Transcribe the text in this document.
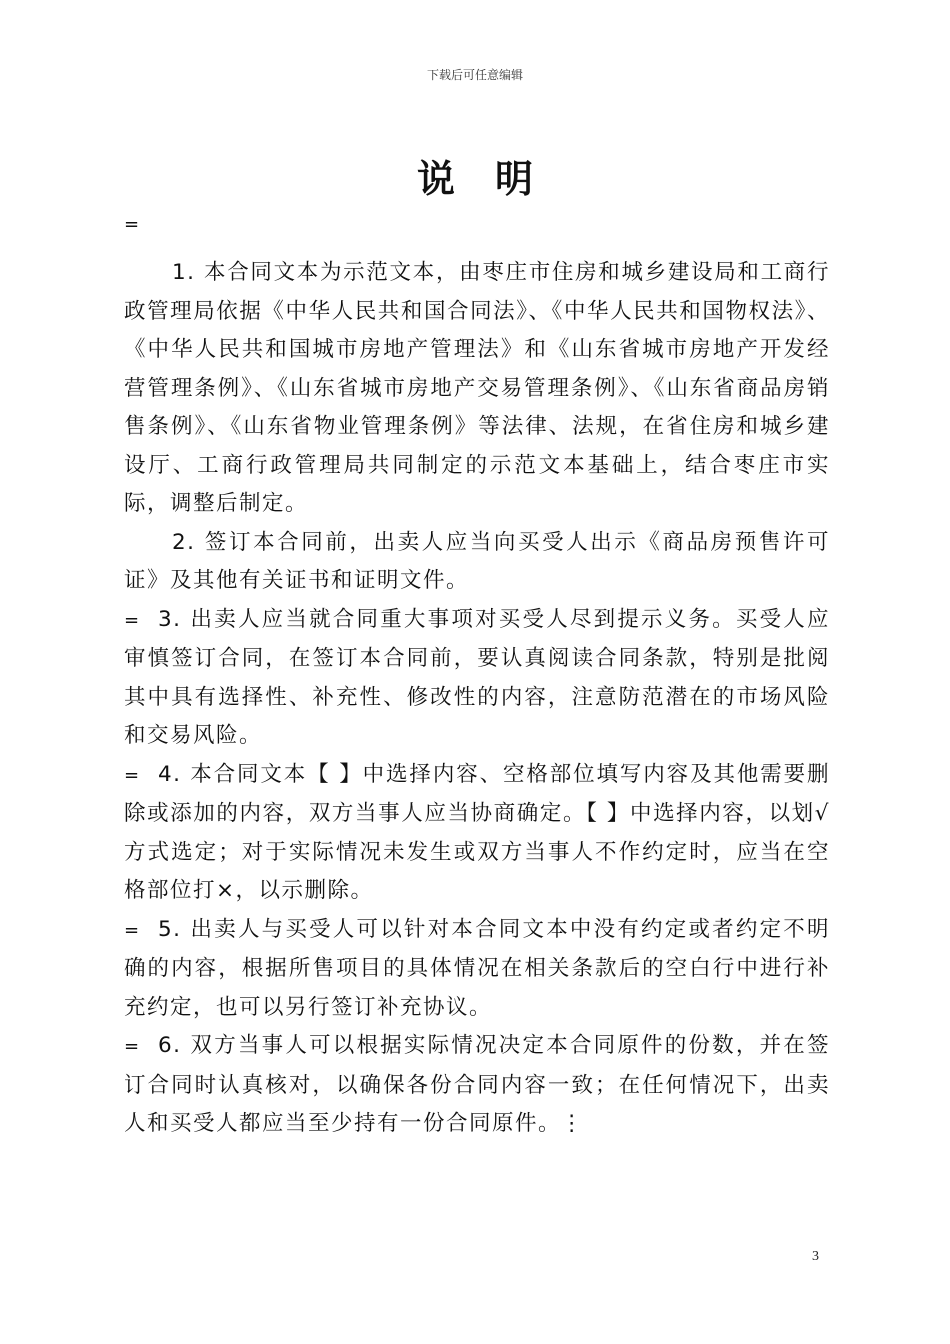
下载后可任意编辑
说明
=

1. 本合同文本为示范文本，由枣庄市住房和城乡建设局和工商行政管理局依据《中华人民共和国合同法》、《中华人民共和国物权法》、《中华人民共和国城市房地产管理法》和《山东省城市房地产开发经营管理条例》、《山东省城市房地产交易管理条例》、《山东省商品房销售条例》、《山东省物业管理条例》等法律、法规，在省住房和城乡建设厅、工商行政管理局共同制定的示范文本基础上，结合枣庄市实际，调整后制定。

2. 签订本合同前，出卖人应当向买受人出示《商品房预售许可证》及其他有关证书和证明文件。

= 3. 出卖人应当就合同重大事项对买受人尽到提示义务。买受人应审慎签订合同，在签订本合同前，要认真阅读合同条款，特别是批阅其中具有选择性、补充性、修改性的内容，注意防范潜在的市场风险和交易风险。

= 4. 本合同文本【 】中选择内容、空格部位填写内容及其他需要删除或添加的内容，双方当事人应当协商确定。【 】中选择内容，以划√方式选定；对于实际情况未发生或双方当事人不作约定时，应当在空格部位打×，以示删除。

= 5. 出卖人与买受人可以针对本合同文本中没有约定或者约定不明确的内容，根据所售项目的具体情况在相关条款后的空白行中进行补充约定，也可以另行签订补充协议。

= 6. 双方当事人可以根据实际情况决定本合同原件的份数，并在签订合同时认真核对，以确保各份合同内容一致；在任何情况下，出卖人和买受人都应当至少持有一份合同原件。⋮

3
